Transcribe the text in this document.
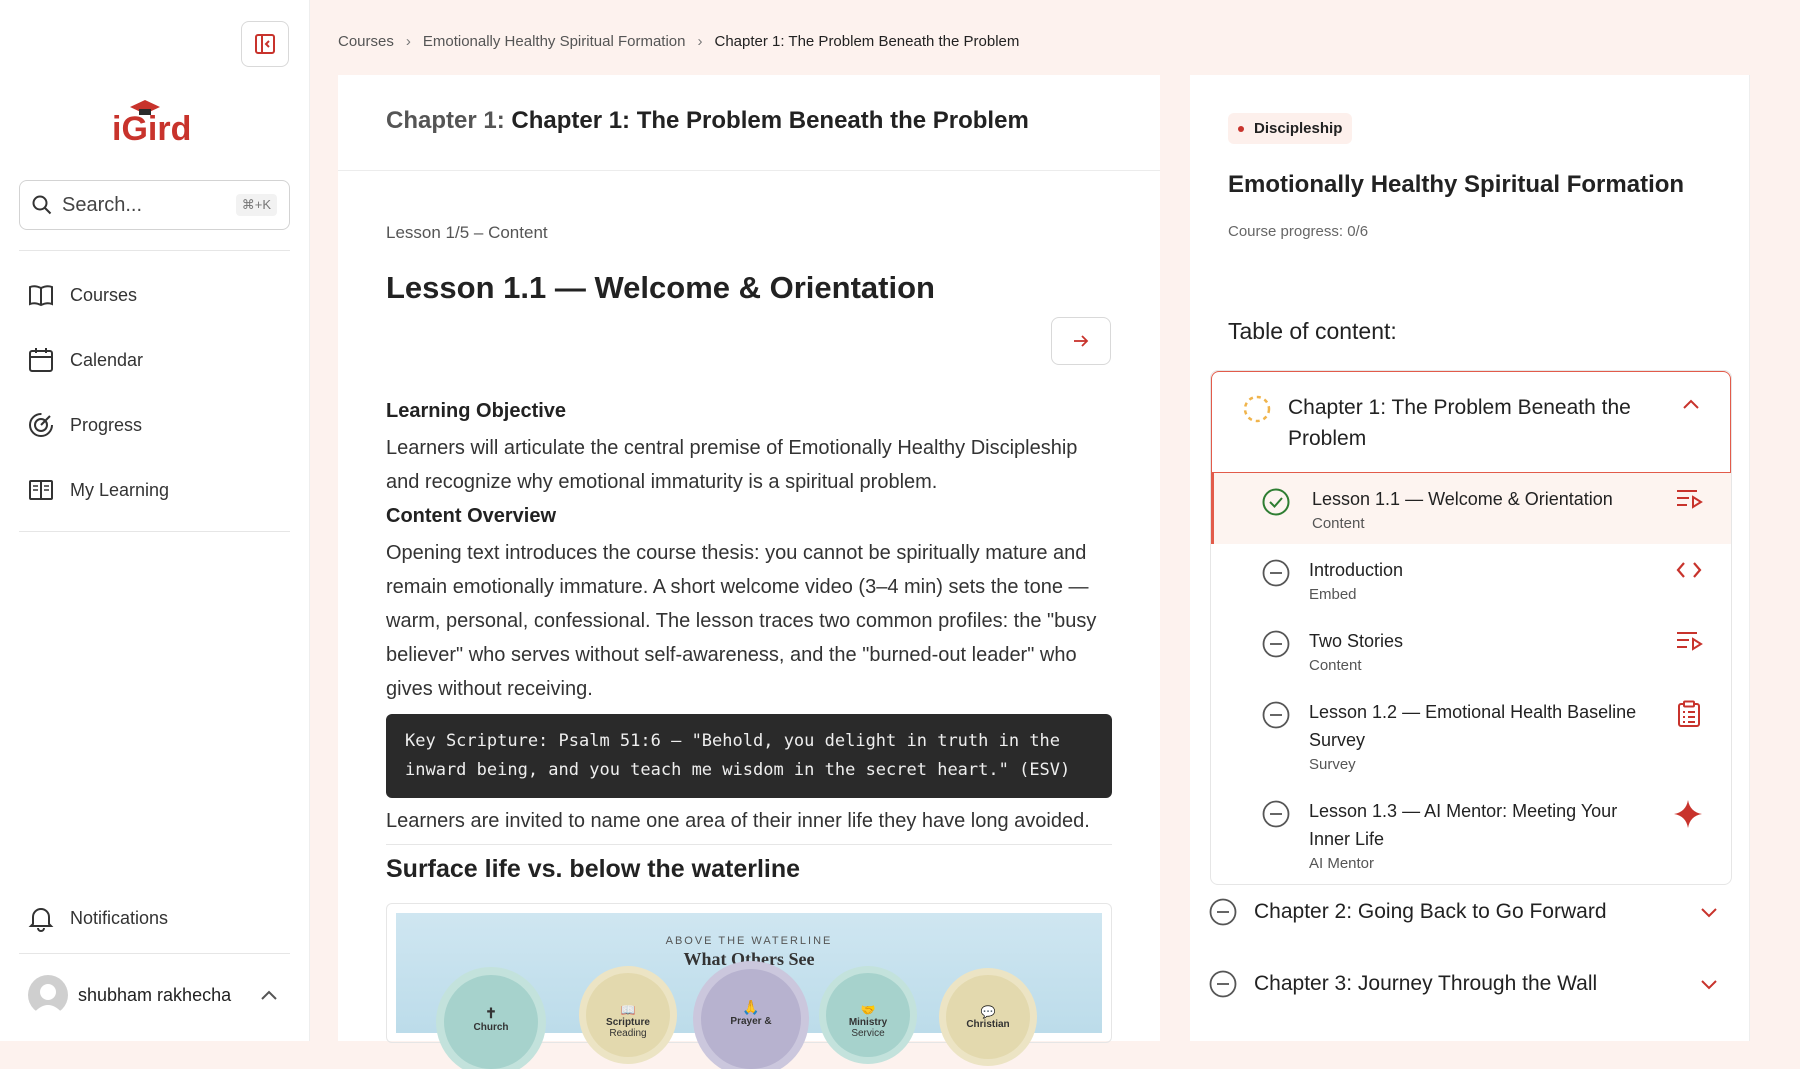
iGird
Search...	⌘+K
Courses
Calendar
Progress
My Learning
Notifications
shubham rakhecha
Courses › Emotionally Healthy Spiritual Formation › Chapter 1: The Problem Beneath the Problem
Chapter 1: Chapter 1: The Problem Beneath the Problem
Lesson 1/5 – Content
Lesson 1.1 — Welcome & Orientation
Learning Objective

Learners will articulate the central premise of Emotionally Healthy Discipleship and recognize why emotional immaturity is a spiritual problem.

Content Overview

Opening text introduces the course thesis: you cannot be spiritually mature and remain emotionally immature. A short welcome video (3–4 min) sets the tone — warm, personal, confessional. The lesson traces two common profiles: the "busy believer" who serves without self-awareness, and the "burned-out leader" who gives without receiving.

Key Scripture: Psalm 51:6 — "Behold, you delight in truth in the
inward being, and you teach me wisdom in the secret heart." (ESV)
Learners are invited to name one area of their inner life they have long avoided.
Surface life vs. below the waterline
ABOVE THE WATERLINE
What Others See
✝
Church
📖
Scripture
Reading
🙏
Prayer &
🤝
Ministry
Service
💬
Christian
Discipleship
Emotionally Healthy Spiritual Formation
Course progress: 0/6
Table of content:
Chapter 1: The Problem Beneath the Problem
Lesson 1.1 — Welcome & Orientation
Content
Introduction
Embed
Two Stories
Content
Lesson 1.2 — Emotional Health Baseline Survey
Survey
Lesson 1.3 — AI Mentor: Meeting Your Inner Life
AI Mentor
Chapter 2: Going Back to Go Forward
Chapter 3: Journey Through the Wall
